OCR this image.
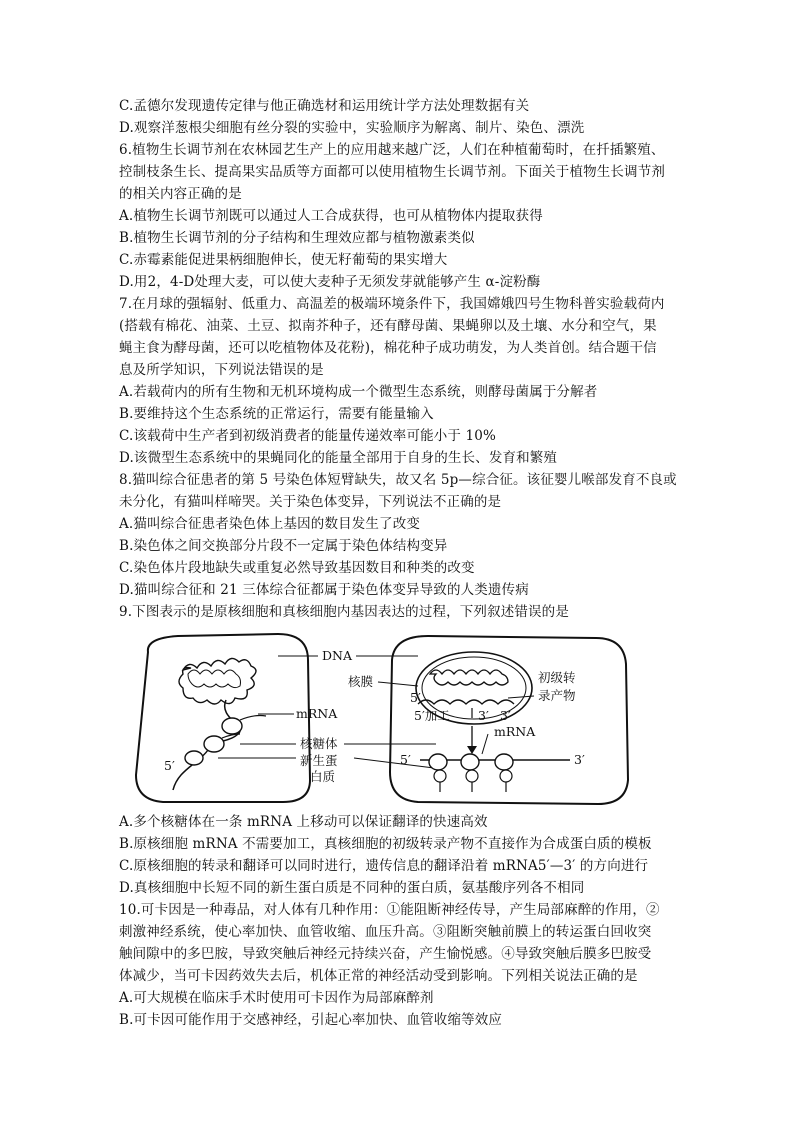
C.孟德尔发现遗传定律与他正确选材和运用统计学方法处理数据有关
D.观察洋葱根尖细胞有丝分裂的实验中，实验顺序为解离、制片、染色、漂洗
6.植物生长调节剂在农林园艺生产上的应用越来越广泛，人们在种植葡萄时，在扦插繁殖、
控制枝条生长、提高果实品质等方面都可以使用植物生长调节剂。下面关于植物生长调节剂
的相关内容正确的是
A.植物生长调节剂既可以通过人工合成获得，也可从植物体内提取获得
B.植物生长调节剂的分子结构和生理效应都与植物激素类似
C.赤霉素能促进果柄细胞伸长，使无籽葡萄的果实增大
D.用2，4-D处理大麦，可以使大麦种子无须发芽就能够产生 α-淀粉酶
7.在月球的强辐射、低重力、高温差的极端环境条件下，我国嫦娥四号生物科普实验载荷内
(搭载有棉花、油菜、土豆、拟南芥种子，还有酵母菌、果蝇卵以及土壤、水分和空气，果
蝇主食为酵母菌，还可以吃植物体及花粉)，棉花种子成功萌发，为人类首创。结合题干信
息及所学知识，下列说法错误的是
A.若载荷内的所有生物和无机环境构成一个微型生态系统，则酵母菌属于分解者
B.要维持这个生态系统的正常运行，需要有能量输入
C.该载荷中生产者到初级消费者的能量传递效率可能小于 10%
D.该微型生态系统中的果蝇同化的能量全部用于自身的生长、发育和繁殖
8.猫叫综合征患者的第 5 号染色体短臂缺失，故又名 5p—综合征。该征婴儿喉部发育不良或
未分化，有猫叫样啼哭。关于染色体变异，下列说法不正确的是
A.猫叫综合征患者染色体上基因的数目发生了改变
B.染色体之间交换部分片段不一定属于染色体结构变异
C.染色体片段地缺失或重复必然导致基因数目和种类的改变
D.猫叫综合征和 21 三体综合征都属于染色体变异导致的人类遗传病
9.下图表示的是原核细胞和真核细胞内基因表达的过程，下列叙述错误的是
5′
DNA
mRNA
核糖体
新生蛋
白质
核膜
5′
5′加工 3′ 3′
初级转
录产物
mRNA
5′	3′
A.多个核糖体在一条 mRNA 上移动可以保证翻译的快速高效
B.原核细胞 mRNA 不需要加工，真核细胞的初级转录产物不直接作为合成蛋白质的模板
C.原核细胞的转录和翻译可以同时进行，遗传信息的翻译沿着 mRNA5′—3′ 的方向进行
D.真核细胞中长短不同的新生蛋白质是不同种的蛋白质，氨基酸序列各不相同
10.可卡因是一种毒品，对人体有几种作用：①能阻断神经传导，产生局部麻醉的作用，②
刺激神经系统，使心率加快、血管收缩、血压升高。③阻断突触前膜上的转运蛋白回收突
触间隙中的多巴胺，导致突触后神经元持续兴奋，产生愉悦感。④导致突触后膜多巴胺受
体减少，当可卡因药效失去后，机体正常的神经活动受到影响。下列相关说法正确的是
A.可大规模在临床手术时使用可卡因作为局部麻醉剂
B.可卡因可能作用于交感神经，引起心率加快、血管收缩等效应
